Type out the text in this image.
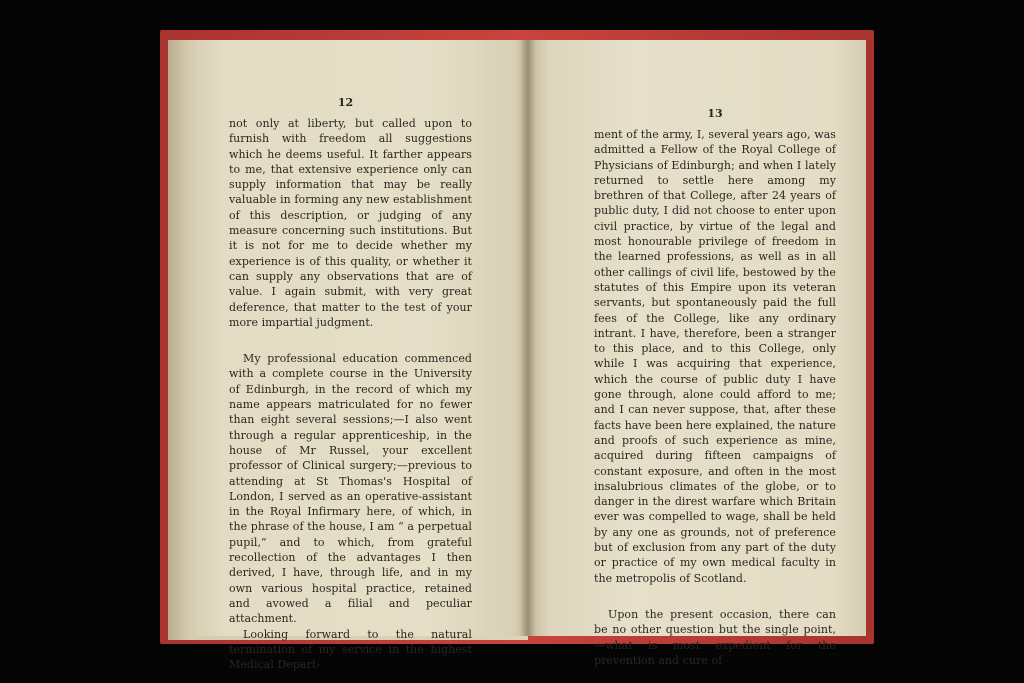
12

not only at liberty, but called upon to furnish with freedom all suggestions which he deems useful. It farther appears to me, that extensive experience only can supply information that may be really valuable in forming any new establishment of this description, or judging of any measure concerning such institutions. But it is not for me to decide whether my experience is of this quality, or whether it can supply any observations that are of value. I again submit, with very great deference, that matter to the test of your more impartial judgment.

My professional education commenced with a complete course in the University of Edinburgh, in the record of which my name appears matriculated for no fewer than eight several sessions;—I also went through a regular apprenticeship, in the house of Mr Russel, your excellent professor of Clinical surgery;—previous to attending at St Thomas's Hospital of London, I served as an operative-assistant in the Royal Infirmary here, of which, in the phrase of the house, I am “ a perpetual pupil,” and to which, from grateful recollection of the advantages I then derived, I have, through life, and in my own various hospital practice, retained and avowed a filial and peculiar attachment.

Looking forward to the natural termination of my service in the highest Medical Depart-

13

ment of the army, I, several years ago, was admitted a Fellow of the Royal College of Physicians of Edinburgh; and when I lately returned to settle here among my brethren of that College, after 24 years of public duty, I did not choose to enter upon civil practice, by virtue of the legal and most honourable privilege of freedom in the learned professions, as well as in all other callings of civil life, bestowed by the statutes of this Empire upon its veteran servants, but spontaneously paid the full fees of the College, like any ordinary intrant. I have, therefore, been a stranger to this place, and to this College, only while I was acquiring that experience, which the course of public duty I have gone through, alone could afford to me; and I can never suppose, that, after these facts have been here explained, the nature and proofs of such experience as mine, acquired during fifteen campaigns of constant exposure, and often in the most insalubrious climates of the globe, or to danger in the direst warfare which Britain ever was compelled to wage, shall be held by any one as grounds, not of preference but of exclusion from any part of the duty or practice of my own medical faculty in the metropolis of Scotland.

Upon the present occasion, there can be no other question but the single point,—what is most expedient for the prevention and cure of
